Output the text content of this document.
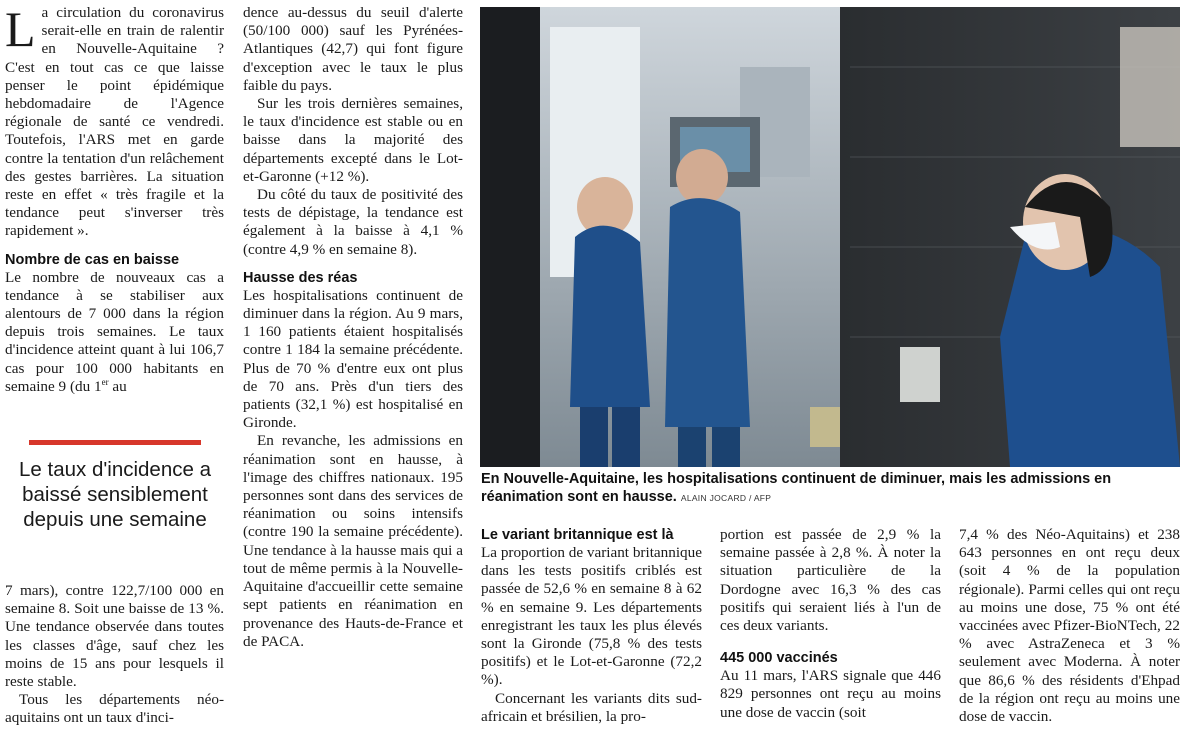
L a circulation du coronavirus serait-elle en train de ralentir en Nouvelle-Aquitaine ? C'est en tout cas ce que laisse penser le point épidémique hebdomadaire de l'Agence régionale de santé ce vendredi. Toutefois, l'ARS met en garde contre la tentation d'un relâchement des gestes barrières. La situation reste en effet « très fragile et la tendance peut s'inverser très rapidement ».

Nombre de cas en baisse

Le nombre de nouveaux cas a tendance à se stabiliser aux alentours de 7 000 dans la région depuis trois semaines. Le taux d'incidence atteint quant à lui 106,7 cas pour 100 000 habitants en semaine 9 (du 1er au

Le taux d'incidence a baissé sensiblement depuis une semaine

7 mars), contre 122,7/100 000 en semaine 8. Soit une baisse de 13 %. Une tendance observée dans toutes les classes d'âge, sauf chez les moins de 15 ans pour lesquels il reste stable.

Tous les départements néo-aquitains ont un taux d'inci-

dence au-dessus du seuil d'alerte (50/100 000) sauf les Pyrénées-Atlantiques (42,7) qui font figure d'exception avec le taux le plus faible du pays.

Sur les trois dernières semaines, le taux d'incidence est stable ou en baisse dans la majorité des départements excepté dans le Lot-et-Garonne (+12 %).

Du côté du taux de positivité des tests de dépistage, la tendance est également à la baisse à 4,1 % (contre 4,9 % en semaine 8).

Hausse des réas

Les hospitalisations continuent de diminuer dans la région. Au 9 mars, 1 160 patients étaient hospitalisés contre 1 184 la semaine précédente. Plus de 70 % d'entre eux ont plus de 70 ans. Près d'un tiers des patients (32,1 %) est hospitalisé en Gironde.

En revanche, les admissions en réanimation sont en hausse, à l'image des chiffres nationaux. 195 personnes sont dans des services de réanimation ou soins intensifs (contre 190 la semaine précédente). Une tendance à la hausse mais qui a tout de même permis à la Nouvelle-Aquitaine d'accueillir cette semaine sept patients en réanimation en provenance des Hauts-de-France et de PACA.

En Nouvelle-Aquitaine, les hospitalisations continuent de diminuer, mais les admissions en réanimation sont en hausse. ALAIN JOCARD / AFP
Le variant britannique est là

La proportion de variant britannique dans les tests positifs criblés est passée de 52,6 % en semaine 8 à 62 % en semaine 9. Les départements enregistrant les taux les plus élevés sont la Gironde (75,8 % des tests positifs) et le Lot-et-Garonne (72,2 %).

Concernant les variants dits sud-africain et brésilien, la pro-

portion est passée de 2,9 % la semaine passée à 2,8 %. À noter la situation particulière de la Dordogne avec 16,3 % des cas positifs qui seraient liés à l'un de ces deux variants.

445 000 vaccinés

Au 11 mars, l'ARS signale que 446 829 personnes ont reçu au moins une dose de vaccin (soit

7,4 % des Néo-Aquitains) et 238 643 personnes en ont reçu deux (soit 4 % de la population régionale). Parmi celles qui ont reçu au moins une dose, 75 % ont été vaccinées avec Pfizer-BioNTech, 22 % avec AstraZeneca et 3 % seulement avec Moderna. À noter que 86,6 % des résidents d'Ehpad de la région ont reçu au moins une dose de vaccin.
